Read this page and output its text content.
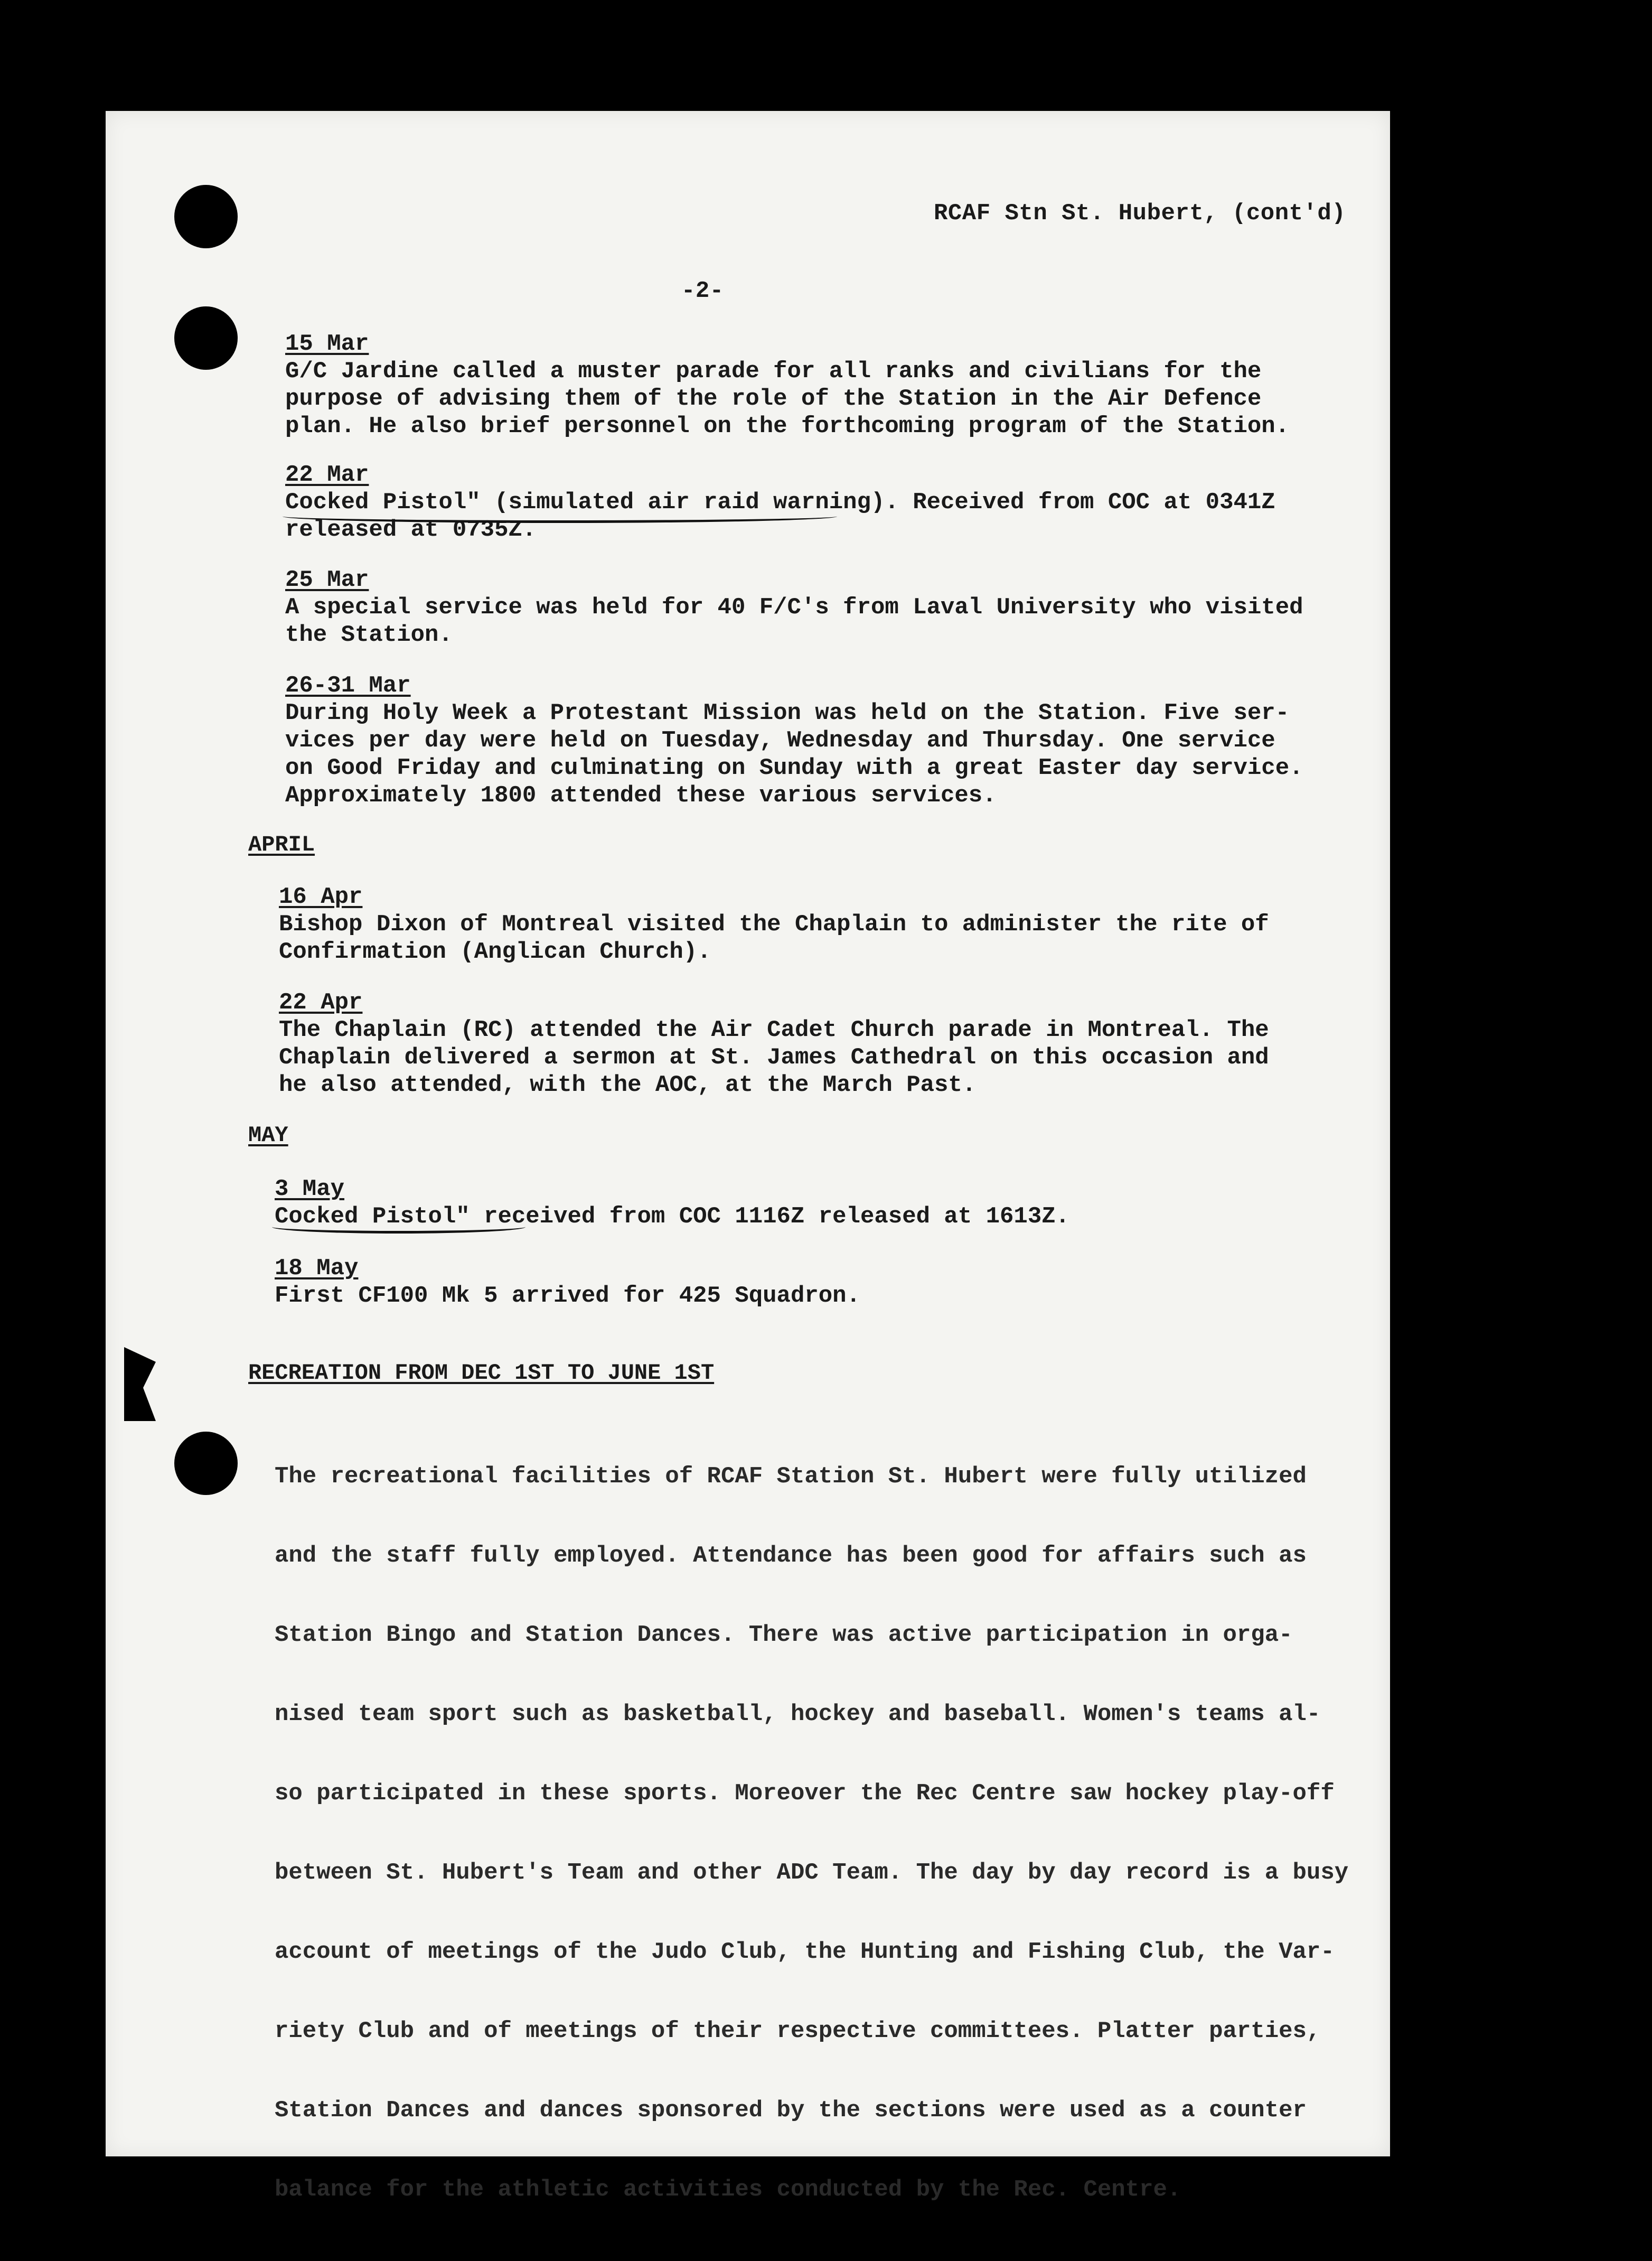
RCAF Stn St. Hubert, (cont'd)
-2-
15 Mar
G/C Jardine called a muster parade for all ranks and civilians for the
purpose of advising them of the role of the Station in the Air Defence
plan. He also brief personnel on the forthcoming program of the Station.
22 Mar
Cocked Pistol" (simulated air raid warning). Received from COC at 0341Z
released at 0735Z.
25 Mar
A special service was held for 40 F/C's from Laval University who visited
the Station.
26-31 Mar
During Holy Week a Protestant Mission was held on the Station. Five ser-
vices per day were held on Tuesday, Wednesday and Thursday. One service
on Good Friday and culminating on Sunday with a great Easter day service.
Approximately 1800 attended these various services.
APRIL
16 Apr
Bishop Dixon of Montreal visited the Chaplain to administer the rite of
Confirmation (Anglican Church).
22 Apr
The Chaplain (RC) attended the Air Cadet Church parade in Montreal. The
Chaplain delivered a sermon at St. James Cathedral on this occasion and
he also attended, with the AOC, at the March Past.
MAY
3 May
Cocked Pistol" received from COC 1116Z released at 1613Z.
18 May
First CF100 Mk 5 arrived for 425 Squadron.
RECREATION FROM DEC 1ST TO JUNE 1ST

The recreational facilities of RCAF Station St. Hubert were fully utilized

and the staff fully employed. Attendance has been good for affairs such as

Station Bingo and Station Dances. There was active participation in orga-

nised team sport such as basketball, hockey and baseball. Women's teams al-

so participated in these sports. Moreover the Rec Centre saw hockey play-off

between St. Hubert's Team and other ADC Team. The day by day record is a busy

account of meetings of the Judo Club, the Hunting and Fishing Club, the Var-

riety Club and of meetings of their respective committees. Platter parties,

Station Dances and dances sponsored by the sections were used as a counter

balance for the athletic activities conducted by the Rec. Centre.
